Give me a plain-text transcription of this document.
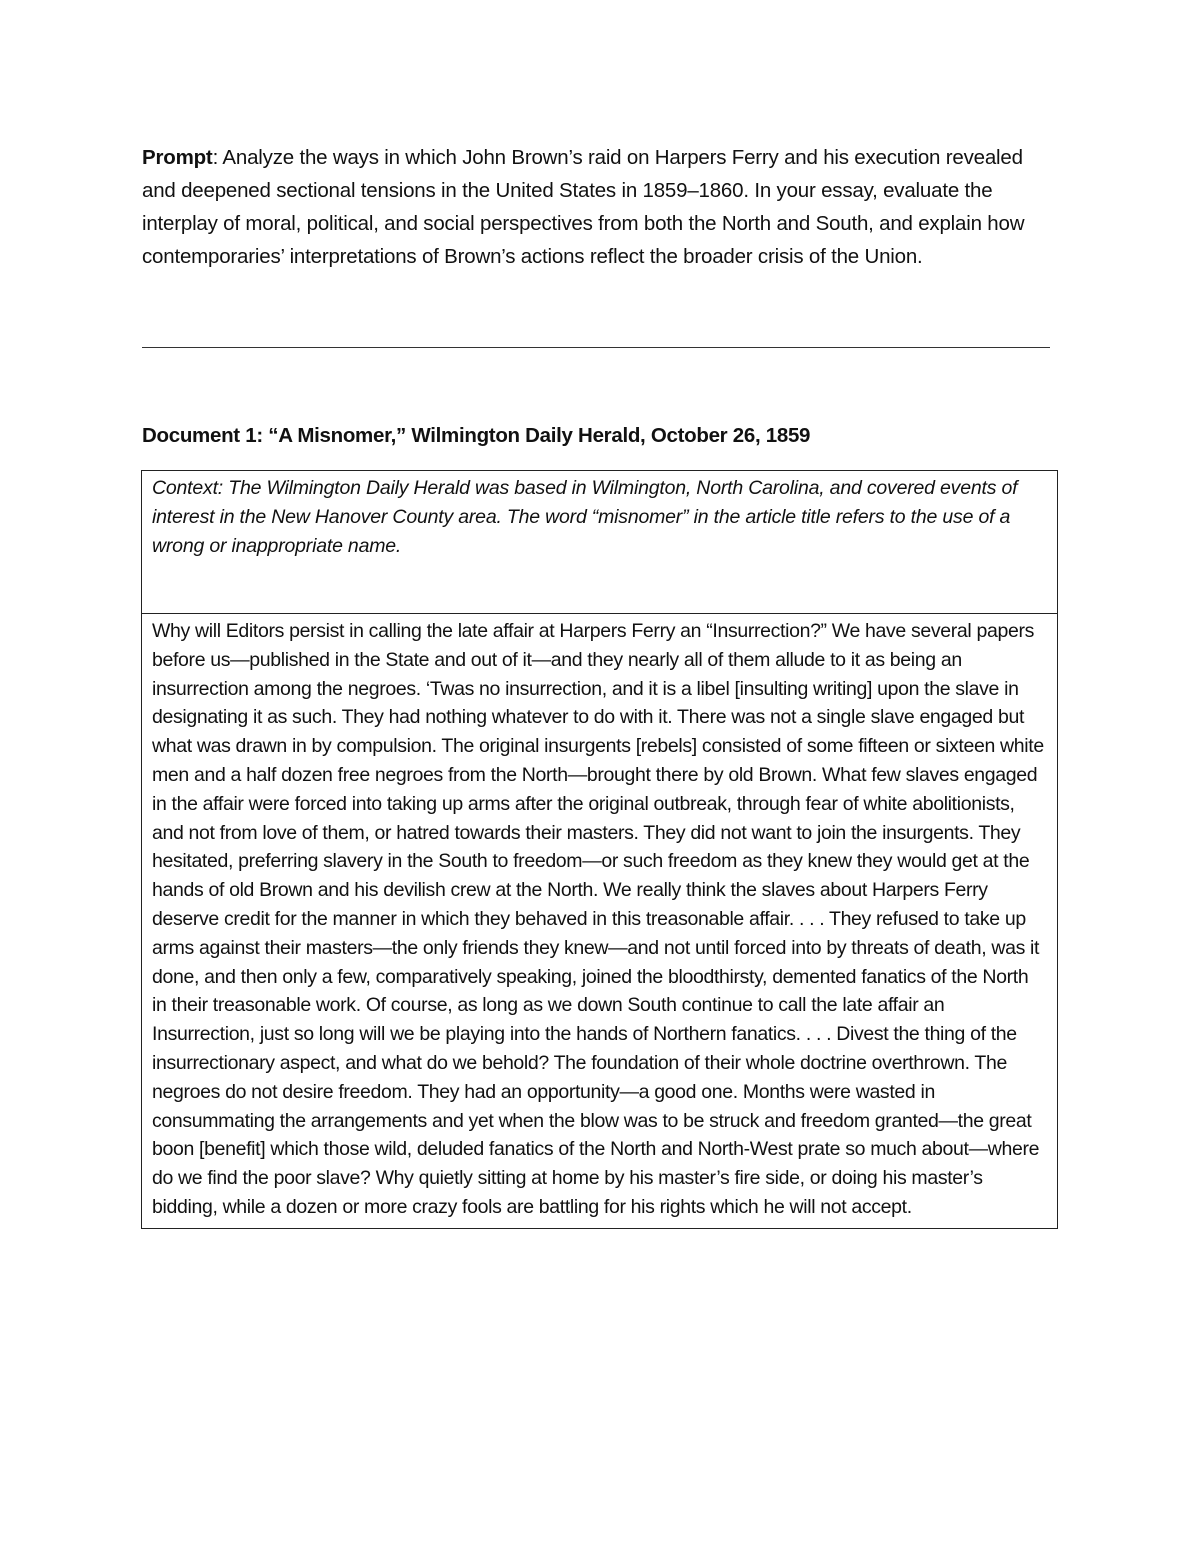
Prompt: Analyze the ways in which John Brown’s raid on Harpers Ferry and his execution revealed and deepened sectional tensions in the United States in 1859–1860. In your essay, evaluate the interplay of moral, political, and social perspectives from both the North and South, and explain how contemporaries’ interpretations of Brown’s actions reflect the broader crisis of the Union.

Document 1: “A Misnomer,” Wilmington Daily Herald, October 26, 1859
Context: The Wilmington Daily Herald was based in Wilmington, North Carolina, and covered events of interest in the New Hanover County area. The word “misnomer” in the article title refers to the use of a wrong or inappropriate name.

Why will Editors persist in calling the late affair at Harpers Ferry an “Insurrection?” We have several papers before us—published in the State and out of it—and they nearly all of them allude to it as being an insurrection among the negroes. ‘Twas no insurrection, and it is a libel [insulting writing] upon the slave in designating it as such. They had nothing whatever to do with it. There was not a single slave engaged but what was drawn in by compulsion. The original insurgents [rebels] consisted of some fifteen or sixteen white men and a half dozen free negroes from the North—brought there by old Brown. What few slaves engaged in the affair were forced into taking up arms after the original outbreak, through fear of white abolitionists, and not from love of them, or hatred towards their masters. They did not want to join the insurgents. They hesitated, preferring slavery in the South to freedom—or such freedom as they knew they would get at the hands of old Brown and his devilish crew at the North. We really think the slaves about Harpers Ferry deserve credit for the manner in which they behaved in this treasonable affair. . . . They refused to take up arms against their masters—the only friends they knew—and not until forced into by threats of death, was it done, and then only a few, comparatively speaking, joined the bloodthirsty, demented fanatics of the North in their treasonable work. Of course, as long as we down South continue to call the late affair an Insurrection, just so long will we be playing into the hands of Northern fanatics. . . . Divest the thing of the insurrectionary aspect, and what do we behold? The foundation of their whole doctrine overthrown. The negroes do not desire freedom. They had an opportunity—a good one. Months were wasted in consummating the arrangements and yet when the blow was to be struck and freedom granted—the great boon [benefit] which those wild, deluded fanatics of the North and North-West prate so much about—where do we find the poor slave? Why quietly sitting at home by his master’s fire side, or doing his master’s bidding, while a dozen or more crazy fools are battling for his rights which he will not accept.
